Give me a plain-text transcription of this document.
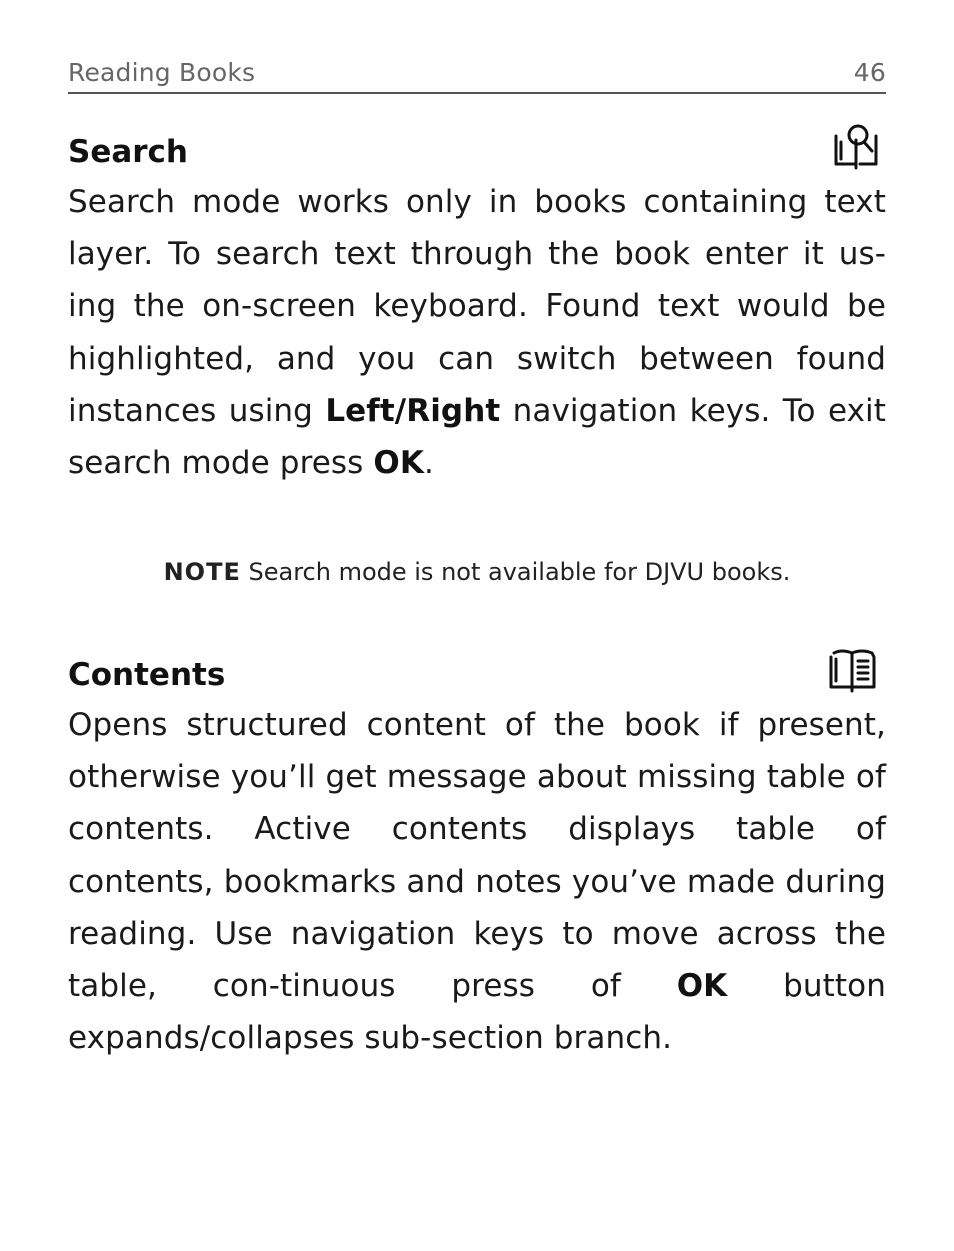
Reading Books	46
Search

Search mode works only in books containing text layer. To search text through the book enter it us-ing the on-screen keyboard. Found text would be highlighted, and you can switch between found instances using Left/Right navigation keys. To exit search mode press OK.

NOTE Search mode is not available for DJVU books.
Contents

Opens structured content of the book if present, otherwise you’ll get message about missing table of contents. Active contents displays table of contents, bookmarks and notes you’ve made during reading. Use navigation keys to move across the table, con-tinuous press of OK button expands/collapses sub-section branch.
